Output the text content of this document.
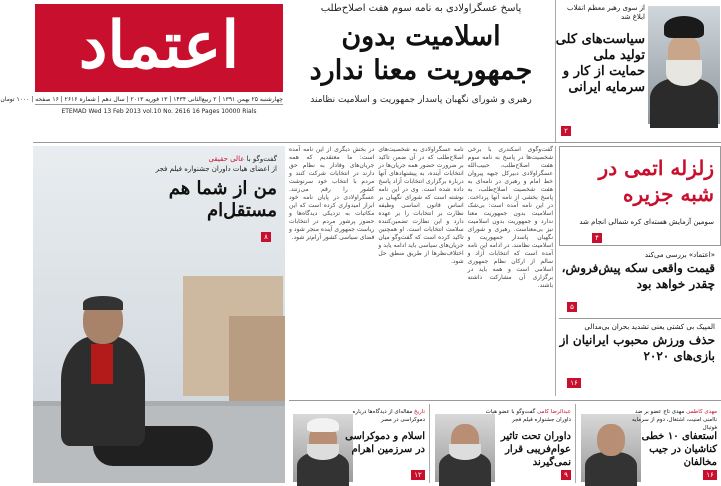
اعتماد
چهارشنبه ۲۵ بهمن ۱۳۹۱ | ۲ ربیع‌الثانی ۱۴۳۴ | ۱۳ فوریه ۲۰۱۳ | سال دهم | شماره ۲۶۱۶ | ۱۶ صفحه | ۱۰۰۰ تومان
ETEMAD Wed 13 Feb 2013 vol.10 No. 2616 16 Pages 10000 Rials
پاسخ عسگراولادی به نامه سوم هفت اصلاح‌طلب
اسلامیت بدون
جمهوریت معنا ندارد
رهبری و شورای نگهبان پاسدار جمهوریت و اسلامیت نظامند
از سوی رهبر معظم انقلاب ابلاغ شد
سیاست‌های کلی تولید ملی حمایت از کار و سرمایه ایرانی
۲
گفت‌وگو با عالی حقیقی
از اعضای هیات داوران جشنواره فیلم فجر
من از شما هم مستقل‌ام
۸
گفت‌وگوی اسکندری با برخی شخصیت‌ها در پاسخ به نامه سوم هفت اصلاح‌طلب، حبیب‌الله عسگراولادی دبیرکل جبهه پیروان خط امام و رهبری در نامه‌ای به هفت شخصیت اصلاح‌طلب، به پاسخ بخشی از نامه آنها پرداخت. در این نامه آمده است: بی‌شک اسلامیت بدون جمهوریت معنا ندارد و جمهوریت بدون اسلامیت نیز بی‌معناست. رهبری و شورای نگهبان پاسدار جمهوریت و اسلامیت نظامند. در ادامه این نامه آمده است که انتخابات آزاد و سالم از ارکان نظام جمهوری اسلامی است و همه باید در برگزاری آن مشارکت داشته باشند.
نامه عسگراولادی به شخصیت‌های اصلاح‌طلب که در آن ضمن تاکید بر ضرورت حضور همه جریان‌ها در انتخابات آینده، به پیشنهادهای آنها درباره برگزاری انتخابات آزاد پاسخ داده شده است. وی در این نامه نوشته است که شورای نگهبان بر اساس قانون اساسی وظیفه نظارت بر انتخابات را بر عهده دارد و این نظارت تضمین‌کننده سلامت انتخابات است. او همچنین تاکید کرده است که گفت‌وگو میان جریان‌های سیاسی باید ادامه یابد و اختلاف‌نظرها از طریق منطق حل شود.
در بخش دیگری از این نامه آمده است: ما معتقدیم که همه جریان‌های وفادار به نظام حق دارند در انتخابات شرکت کنند و مردم با انتخاب خود سرنوشت کشور را رقم می‌زنند. عسگراولادی در پایان نامه خود ابراز امیدواری کرده است که این مکاتبات به نزدیکی دیدگاه‌ها و حضور پرشور مردم در انتخابات ریاست جمهوری آینده منجر شود و فضای سیاسی کشور آرام‌تر شود.
زلزله اتمی در شبه جزیره
سومین آزمایش هسته‌ای کره شمالی انجام شد
۴
«اعتماد» بررسی می‌کند
قیمت واقعی سکه پیش‌فروش، چقدر خواهد بود
۵
المپیک بی کشتی یعنی تشدید بحران بی‌مدالی
حذف ورزش محبوب ایرانیان از بازی‌های ۲۰۲۰
۱۶
مهدی کاظمی مهدی تاج عضو بر ضد ناامنی امنیت، اشتغال، دوم از سرمایه فوتبال
استعفای ۱۰ خطی کناشیان در جیب مخالفان
۱۶
عبدالرضا کامی گفت‌وگو با عضو هیات داوران جشنواره فیلم فجر
داوران تحت تاثیر عوام‌فریبی قرار نمی‌گیرند
۹
تاریخ مقاله‌ای از دیدگاه‌ها درباره دموکراسی در مصر
اسلام و دموکراسی در سرزمین اهرام
۱۲
